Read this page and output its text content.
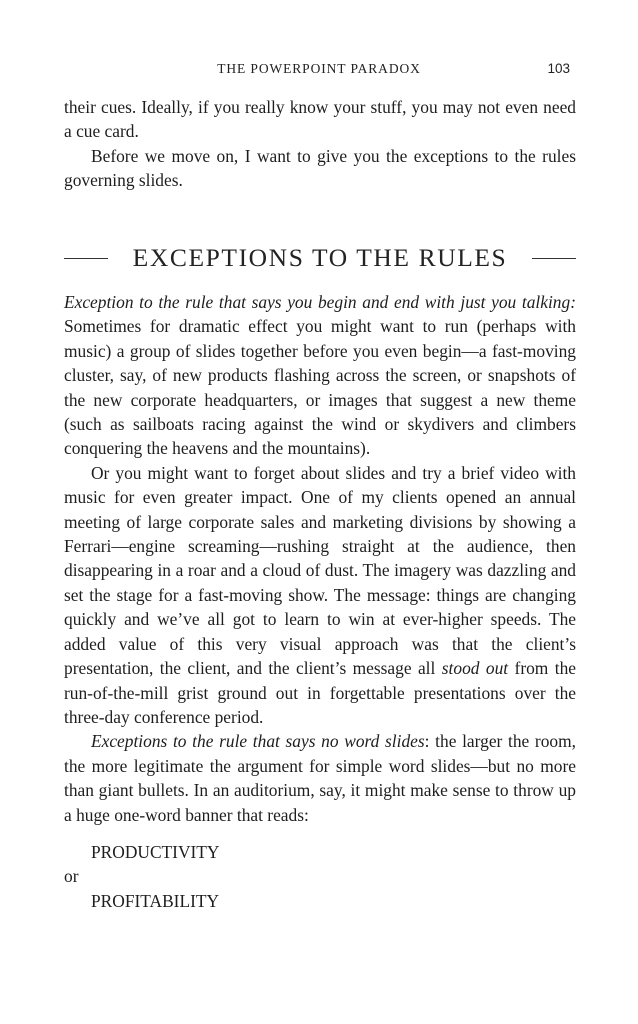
THE POWERPOINT PARADOX	103

their cues. Ideally, if you really know your stuff, you may not even need a cue card.

Before we move on, I want to give you the exceptions to the rules governing slides.

EXCEPTIONS TO THE RULES

Exception to the rule that says you begin and end with just you talking: Sometimes for dramatic effect you might want to run (perhaps with music) a group of slides together before you even begin—a fast-moving cluster, say, of new products flashing across the screen, or snapshots of the new corporate headquarters, or images that suggest a new theme (such as sailboats racing against the wind or skydivers and climbers conquering the heavens and the mountains).

Or you might want to forget about slides and try a brief video with music for even greater impact. One of my clients opened an annual meeting of large corporate sales and marketing divisions by showing a Ferrari—engine screaming—rushing straight at the audience, then disappearing in a roar and a cloud of dust. The imagery was dazzling and set the stage for a fast-moving show. The message: things are changing quickly and we’ve all got to learn to win at ever-higher speeds. The added value of this very visual approach was that the client’s presentation, the client, and the client’s message all stood out from the run-of-the-mill grist ground out in forgettable presentations over the three-day conference period.

Exceptions to the rule that says no word slides: the larger the room, the more legitimate the argument for simple word slides—but no more than giant bullets. In an auditorium, say, it might make sense to throw up a huge one-word banner that reads:

PRODUCTIVITY
or
PROFITABILITY
